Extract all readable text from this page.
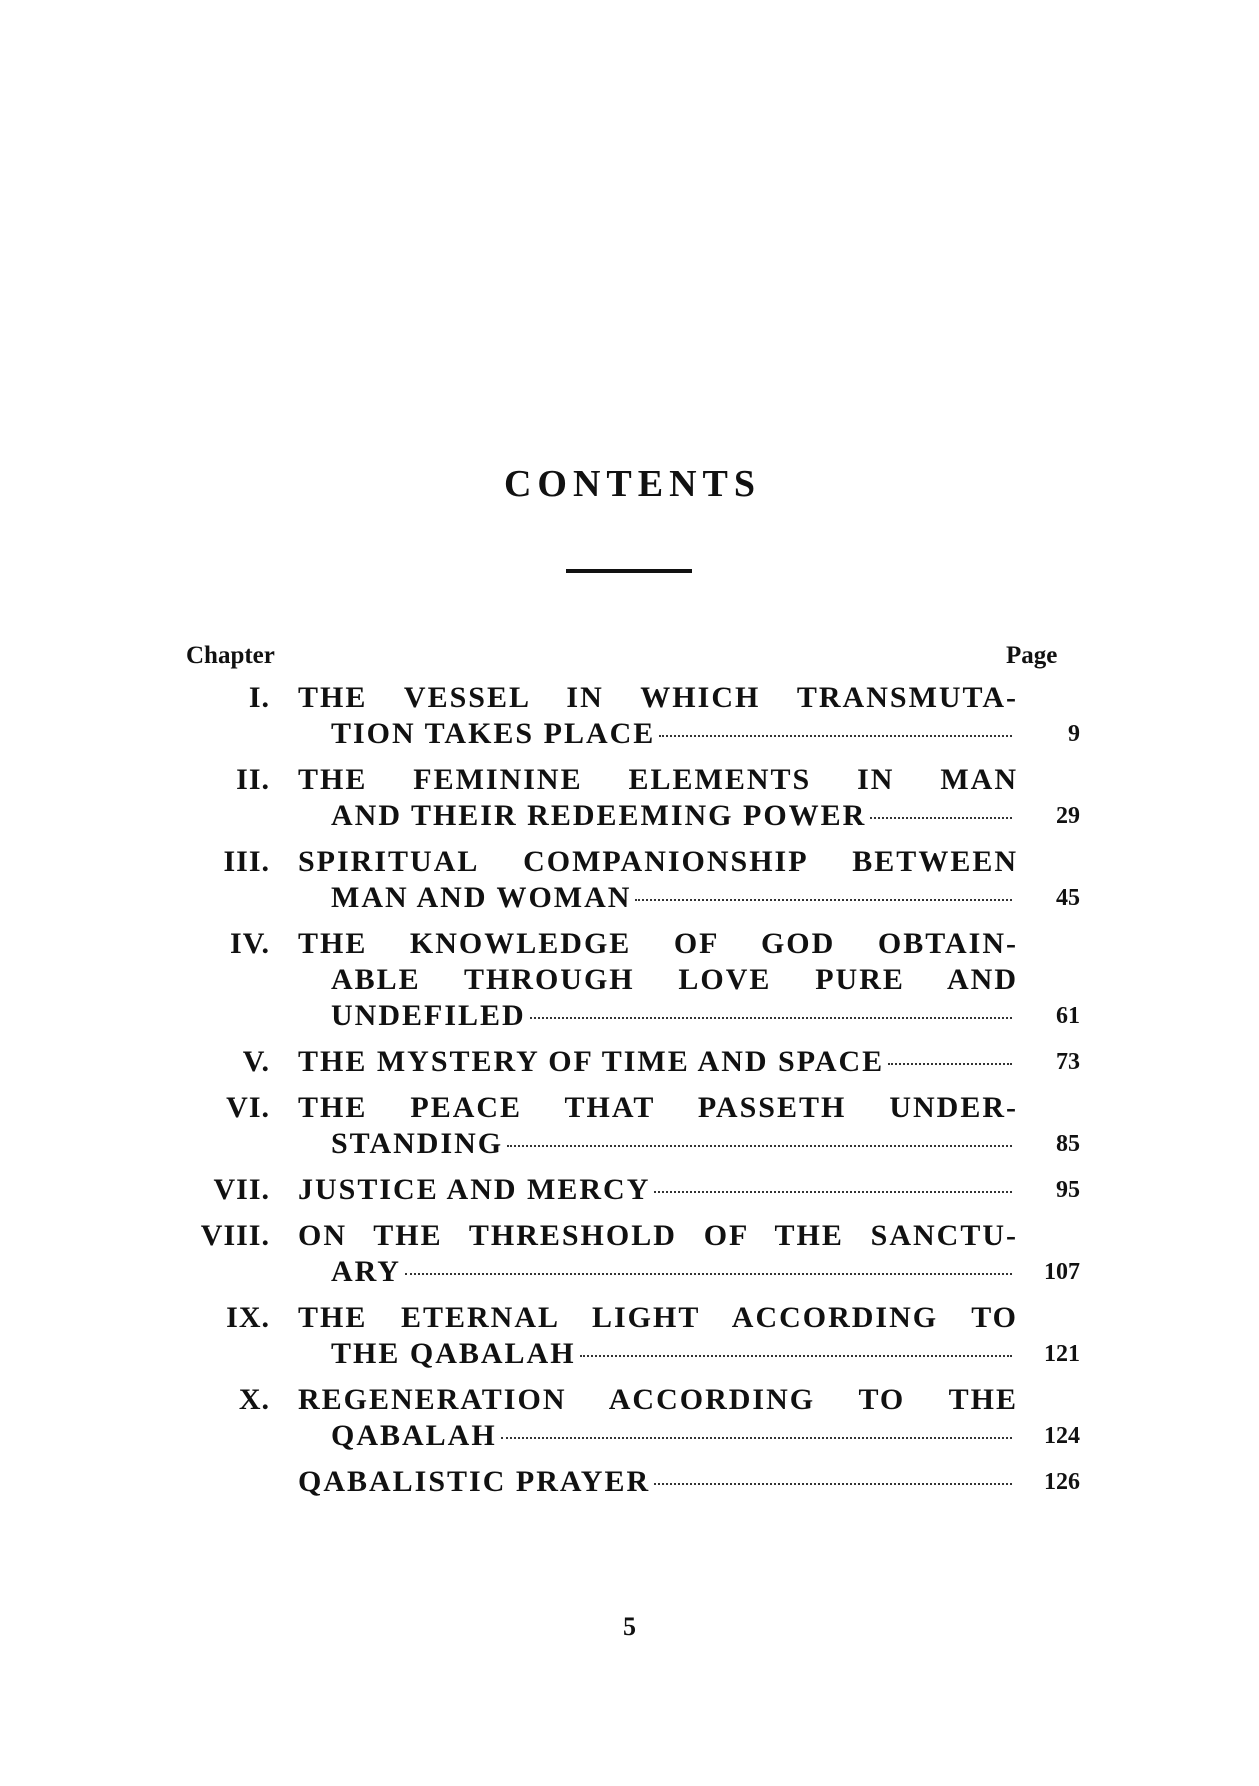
CONTENTS
Chapter	Page
I. THE VESSEL IN WHICH TRANSMUTA-
TION TAKES PLACE	9
II. THE FEMININE ELEMENTS IN MAN
AND THEIR REDEEMING POWER	29
III. SPIRITUAL COMPANIONSHIP BETWEEN
MAN AND WOMAN	45
IV. THE KNOWLEDGE OF GOD OBTAIN-
ABLE THROUGH LOVE PURE AND
UNDEFILED	61
V. THE MYSTERY OF TIME AND SPACE	73
VI. THE PEACE THAT PASSETH UNDER-
STANDING	85
VII. JUSTICE AND MERCY	95
VIII. ON THE THRESHOLD OF THE SANCTU-
ARY	107
IX. THE ETERNAL LIGHT ACCORDING TO
THE QABALAH	121
X. REGENERATION ACCORDING TO THE
QABALAH	124
QABALISTIC PRAYER	126
5
